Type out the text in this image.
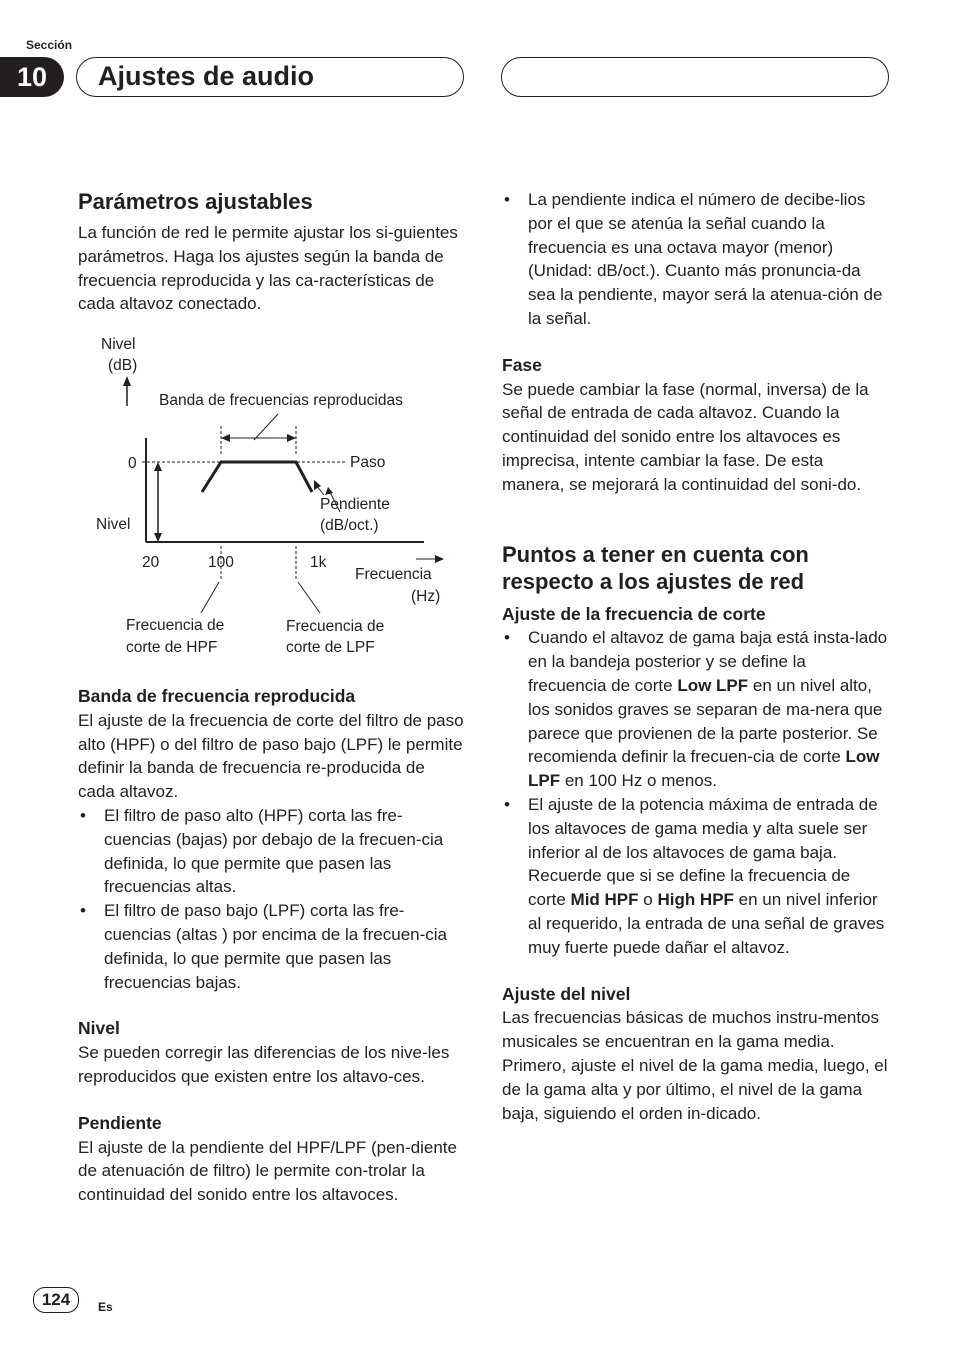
Sección
10	Ajustes de audio
Parámetros ajustables

La función de red le permite ajustar los si-guientes parámetros. Haga los ajustes según la banda de frecuencia reproducida y las ca-racterísticas de cada altavoz conectado.

Nivel
(dB)
Banda de frecuencias reproducidas
0	Paso
Nivel
Pendiente
(dB/oct.)
20	100	1k
Frecuencia
(Hz)
Frecuencia de
corte de HPF
Frecuencia de
corte de LPF
Banda de frecuencia reproducida

El ajuste de la frecuencia de corte del filtro de paso alto (HPF) o del filtro de paso bajo (LPF) le permite definir la banda de frecuencia re-producida de cada altavoz.

• El filtro de paso alto (HPF) corta las fre-cuencias (bajas) por debajo de la frecuen-cia definida, lo que permite que pasen las frecuencias altas.
• El filtro de paso bajo (LPF) corta las fre-cuencias (altas ) por encima de la frecuen-cia definida, lo que permite que pasen las frecuencias bajas.
Nivel

Se pueden corregir las diferencias de los nive-les reproducidos que existen entre los altavo-ces.

Pendiente

El ajuste de la pendiente del HPF/LPF (pen-diente de atenuación de filtro) le permite con-trolar la continuidad del sonido entre los altavoces.

• La pendiente indica el número de decibe-lios por el que se atenúa la señal cuando la frecuencia es una octava mayor (menor) (Unidad: dB/oct.). Cuanto más pronuncia-da sea la pendiente, mayor será la atenua-ción de la señal.
Fase

Se puede cambiar la fase (normal, inversa) de la señal de entrada de cada altavoz. Cuando la continuidad del sonido entre los altavoces es imprecisa, intente cambiar la fase. De esta manera, se mejorará la continuidad del soni-do.

Puntos a tener en cuenta con respecto a los ajustes de red
Ajuste de la frecuencia de corte
• Cuando el altavoz de gama baja está insta-lado en la bandeja posterior y se define la frecuencia de corte Low LPF en un nivel alto, los sonidos graves se separan de ma-nera que parece que provienen de la parte posterior. Se recomienda definir la frecuen-cia de corte Low LPF en 100 Hz o menos.
• El ajuste de la potencia máxima de entrada de los altavoces de gama media y alta suele ser inferior al de los altavoces de gama baja. Recuerde que si se define la frecuencia de corte Mid HPF o High HPF en un nivel inferior al requerido, la entrada de una señal de graves muy fuerte puede dañar el altavoz.
Ajuste del nivel

Las frecuencias básicas de muchos instru-mentos musicales se encuentran en la gama media. Primero, ajuste el nivel de la gama media, luego, el de la gama alta y por último, el nivel de la gama baja, siguiendo el orden in-dicado.

124	Es
